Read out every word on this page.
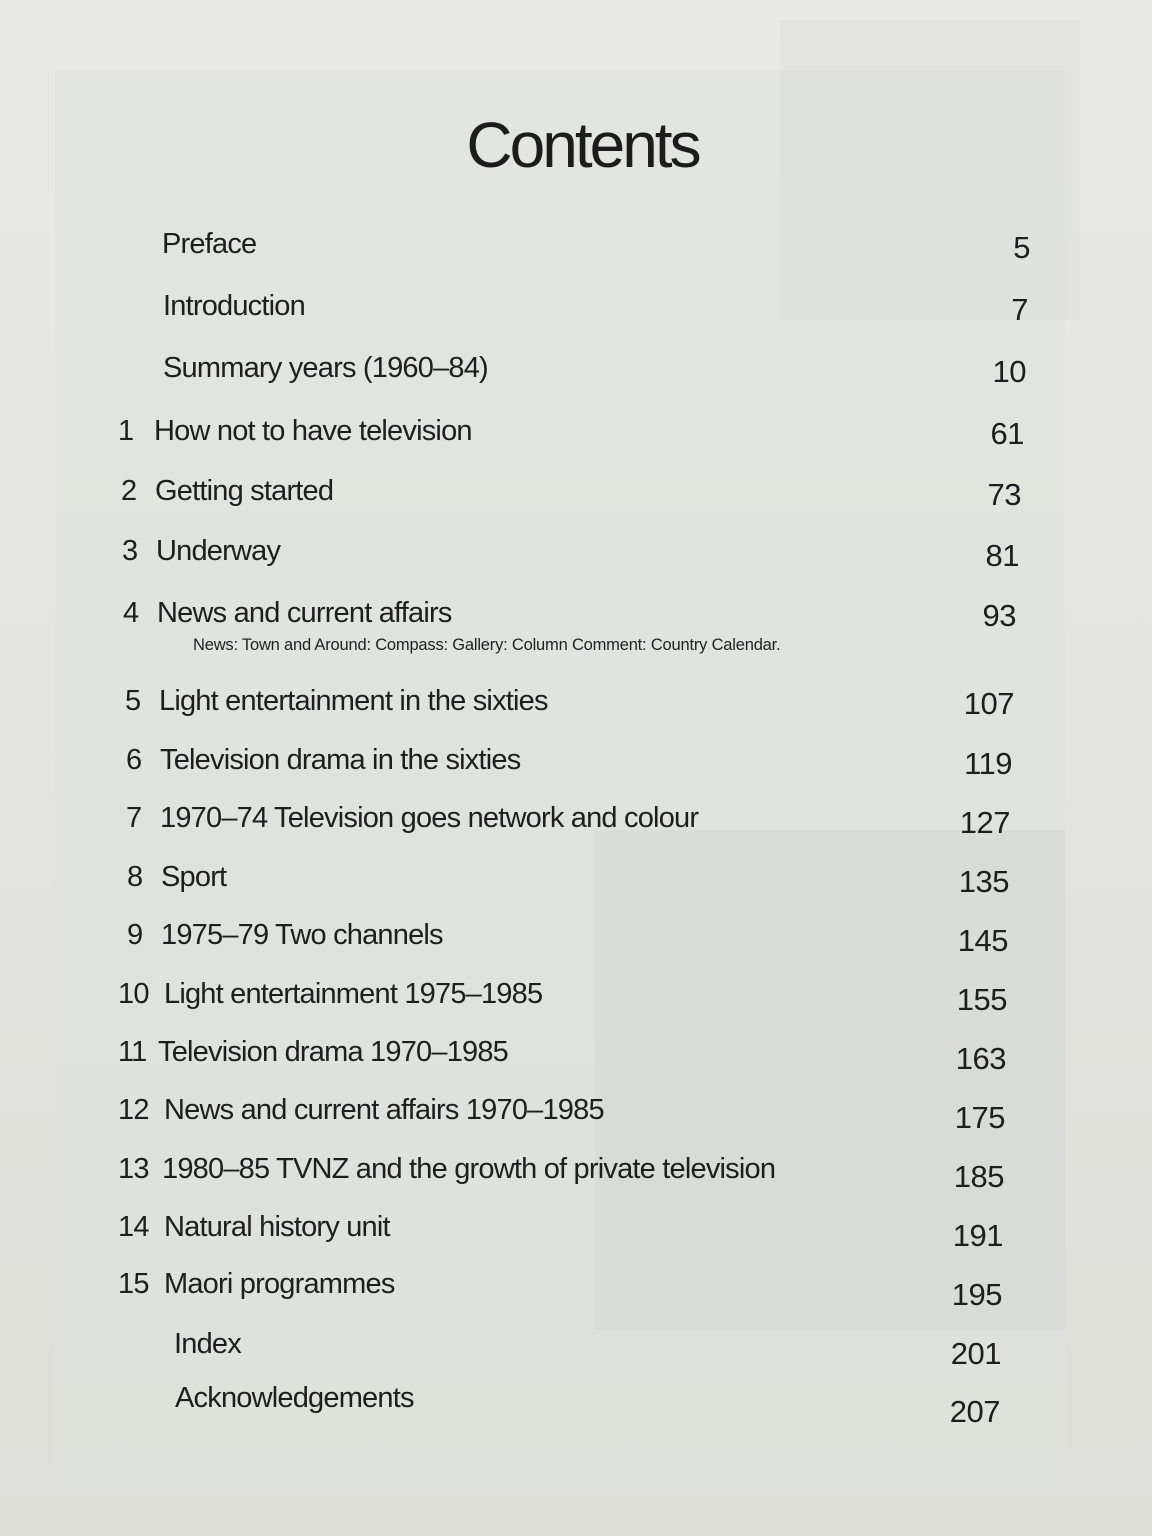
Contents
Preface	5
Introduction	7
Summary years (1960–84)	10
1 How not to have television	61
2 Getting started	73
3 Underway	81
4 News and current affairs	93
News: Town and Around: Compass: Gallery: Column Comment: Country Calendar.
5 Light entertainment in the sixties	107
6 Television drama in the sixties	119
7 1970–74 Television goes network and colour	127
8 Sport	135
9 1975–79 Two channels	145
10 Light entertainment 1975–1985	155
11 Television drama 1970–1985	163
12 News and current affairs 1970–1985	175
13 1980–85 TVNZ and the growth of private television	185
14 Natural history unit	191
15 Maori programmes	195
Index	201
Acknowledgements	207
